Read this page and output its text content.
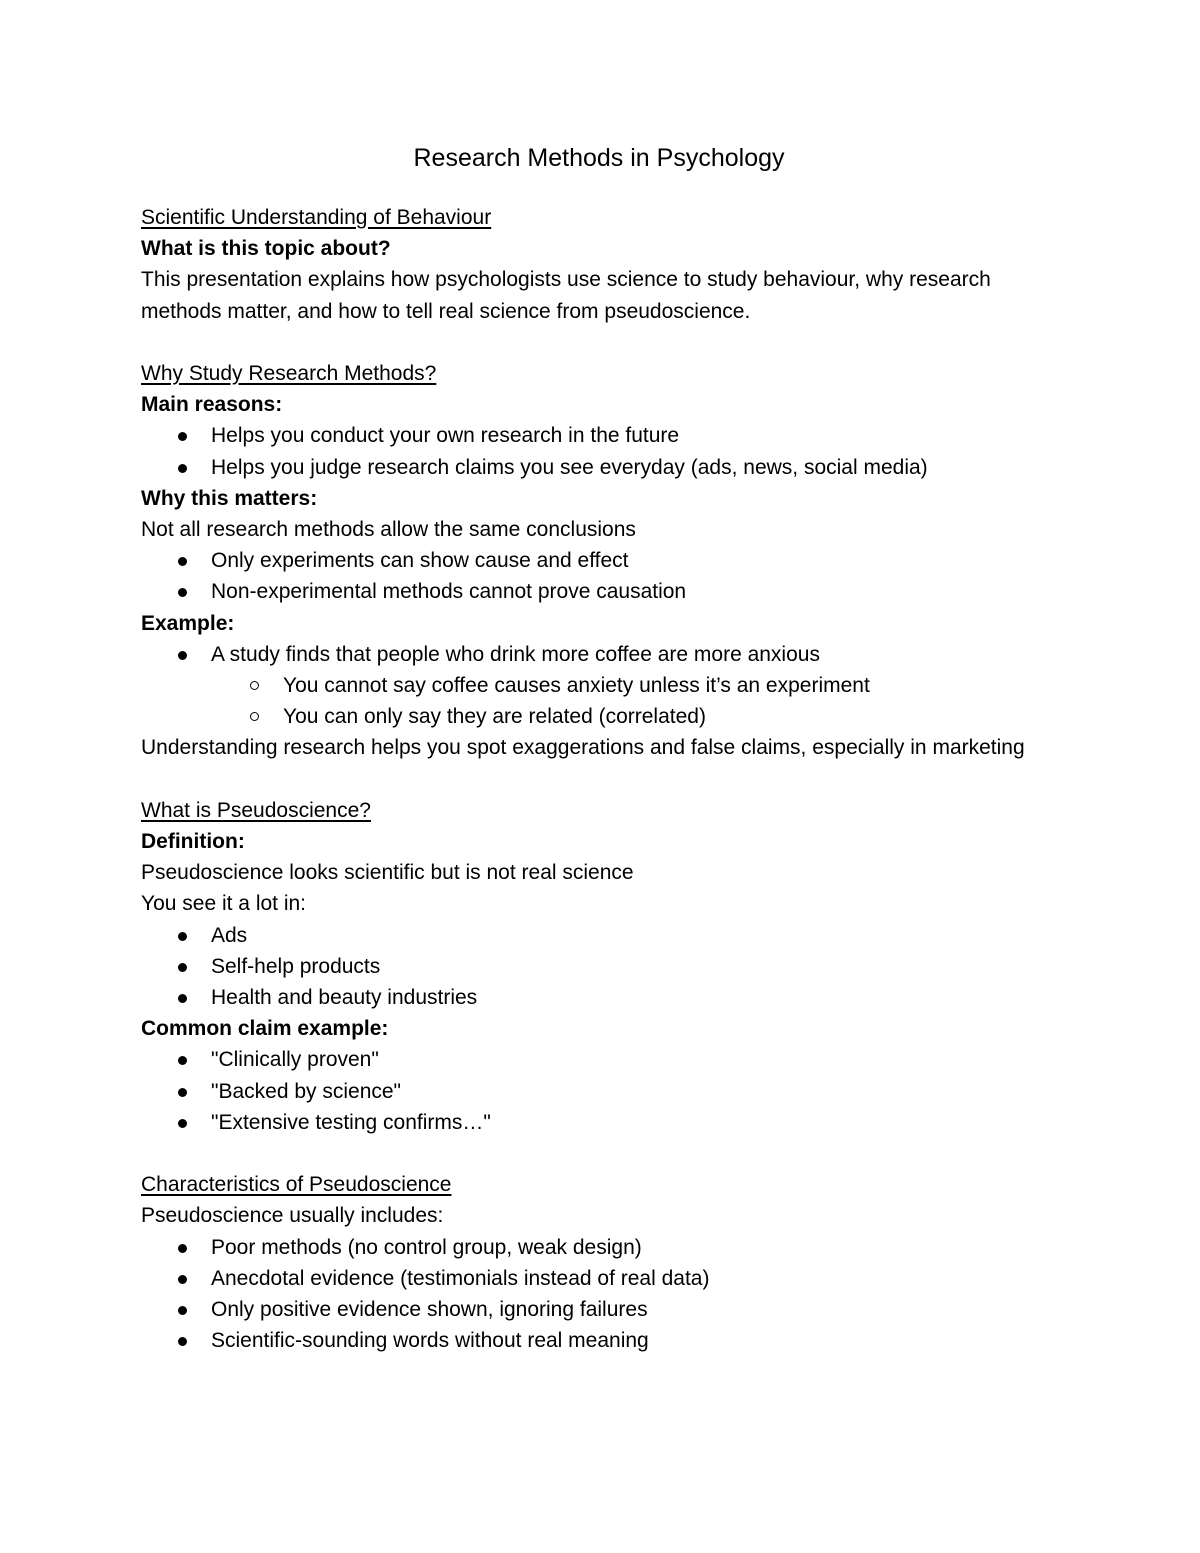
Research Methods in Psychology

Scientific Understanding of Behaviour

What is this topic about?

This presentation explains how psychologists use science to study behaviour, why research methods matter, and how to tell real science from pseudoscience.

Why Study Research Methods?

Main reasons:

Helps you conduct your own research in the future
Helps you judge research claims you see everyday (ads, news, social media)

Why this matters:

Not all research methods allow the same conclusions

Only experiments can show cause and effect
Non-experimental methods cannot prove causation

Example:

A study finds that people who drink more coffee are more anxious
You cannot say coffee causes anxiety unless it’s an experiment
You can only say they are related (correlated)

Understanding research helps you spot exaggerations and false claims, especially in marketing

What is Pseudoscience?

Definition:

Pseudoscience looks scientific but is not real science

You see it a lot in:

Ads
Self-help products
Health and beauty industries

Common claim example:

"Clinically proven"
"Backed by science"
"Extensive testing confirms…"

Characteristics of Pseudoscience

Pseudoscience usually includes:

Poor methods (no control group, weak design)
Anecdotal evidence (testimonials instead of real data)
Only positive evidence shown, ignoring failures
Scientific-sounding words without real meaning
